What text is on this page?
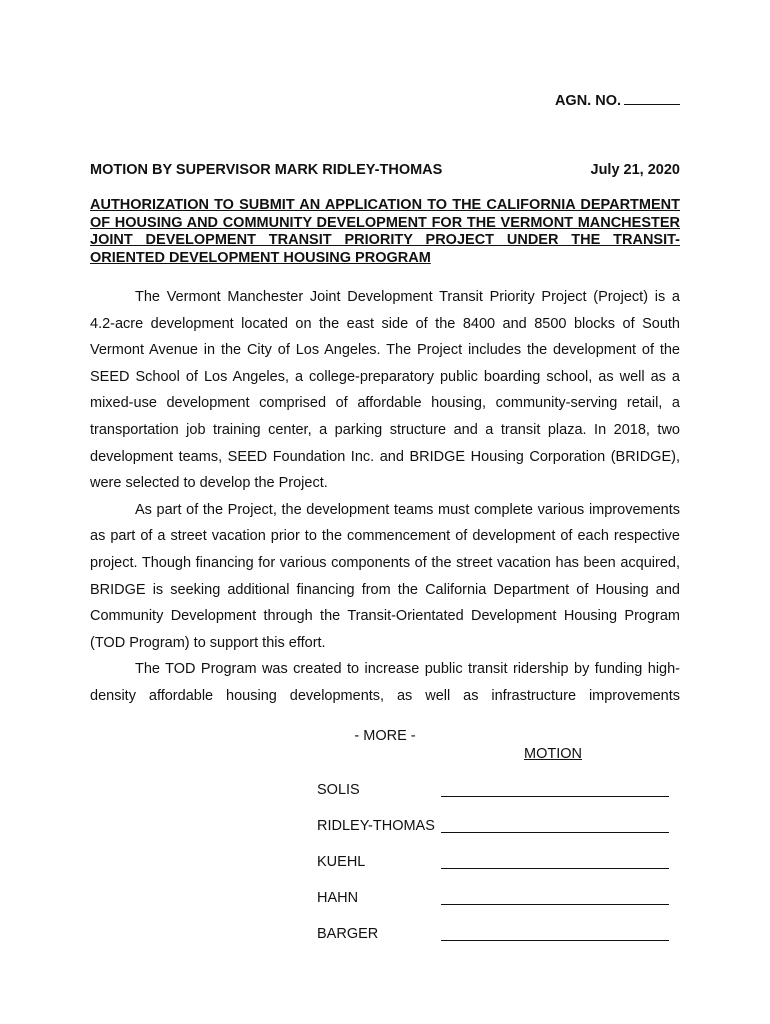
AGN. NO.
MOTION BY SUPERVISOR MARK RIDLEY-THOMAS	July 21, 2020
AUTHORIZATION TO SUBMIT AN APPLICATION TO THE CALIFORNIA DEPARTMENT OF HOUSING AND COMMUNITY DEVELOPMENT FOR THE VERMONT MANCHESTER JOINT DEVELOPMENT TRANSIT PRIORITY PROJECT UNDER THE TRANSIT-ORIENTED DEVELOPMENT HOUSING PROGRAM

The Vermont Manchester Joint Development Transit Priority Project (Project) is a 4.2-acre development located on the east side of the 8400 and 8500 blocks of South Vermont Avenue in the City of Los Angeles. The Project includes the development of the SEED School of Los Angeles, a college-preparatory public boarding school, as well as a mixed-use development comprised of affordable housing, community-serving retail, a transportation job training center, a parking structure and a transit plaza. In 2018, two development teams, SEED Foundation Inc. and BRIDGE Housing Corporation (BRIDGE), were selected to develop the Project.

As part of the Project, the development teams must complete various improvements as part of a street vacation prior to the commencement of development of each respective project. Though financing for various components of the street vacation has been acquired, BRIDGE is seeking additional financing from the California Department of Housing and Community Development through the Transit-Orientated Development Housing Program (TOD Program) to support this effort.

The TOD Program was created to increase public transit ridership by funding high-density affordable housing developments, as well as infrastructure improvements

- MORE -
MOTION
SOLIS
RIDLEY-THOMAS
KUEHL
HAHN
BARGER
